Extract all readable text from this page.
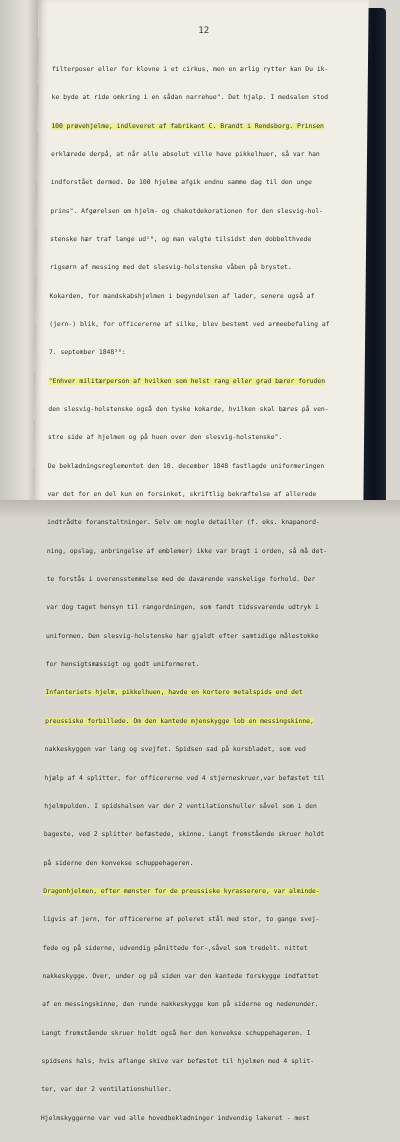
12

filterposer eller for klovne i et cirkus, men en ærlig rytter kan Du ik-

ke byde at ride omkring i en sådan narrehue". Det hjalp. I medsalen stod

100 prøvehjelme, indleveret af fabrikant C. Brandt i Rendsborg. Prinsen

erklærede derpå, at når alle absolut ville have pikkelhuer, så var han

indforstået dermed. De 100 hjelme afgik endnu samme dag til den unge

prins". Afgørelsen om hjelm- og chakotdekorationen for den slesvig-hol-

stenske hær traf lange ud¹⁹, og man valgte tilsidst den dobbelthvede

rigsørn af messing med det slesvig-holstenske våben på brystet.

Kokarden, for mandskabshjelmen i begyndelsen af lader, senere også af

(jern-) blik, for officererne af silke, blev bestemt ved armeebefaling af

7. september 1848²⁰:

"Enhver militærperson af hvilken som helst rang eller grad bærer foruden

den slesvig-holstenske også den tyske kokarde, hvilken skal bæres på ven-

stre side af hjelmen og på huen over den slesvig-holstenske".

De beklædningsreglementet den 10. december 1848 fastlagde uniformeringen

var det for en del kun en forsinket, skriftlig bekræftelse af allerede

indtrådte foranstaltninger. Selv om nogle detailler (f. eks. knapanord-

ning, opslag, anbringelse af emblemer) ikke var bragt i orden, så må det-

te forstås i overensstemmelse med de daværende vanskelige forhold. Der

var dog taget hensyn til rangordningen, som fandt tidssvarende udtryk i

uniformen. Den slesvig-holstenske hær gjaldt efter samtidige målestokke

for hensigtsmæssigt og godt uniformeret.

Infanteriets hjelm, pikkelhuen, havde en kortere metalspids end det

preussiske forbillede. Om den kantede mjenskygge lob en messingskinne,

nakkeskyggen var lang og svejfet. Spidsen sad på korsbladet, som ved

hjælp af 4 splitter, for officererne ved 4 stjerneskruer,var befæstet til

hjelmpulden. I spidshalsen var der 2 ventilationshuller såvel som i den

bageste, ved 2 splitter befæstede, skinne. Langt fremstående skruer holdt

på siderne den konvekse schuppehageren.

Dragonhjelmen, efter mønster for de preussiske kyrasserere, var alminde-

ligvis af jern, for officererne af poleret stål med stor, to gange svej-

fede og på siderne, udvendig pånittede for-,såvel som tredelt. nittet

nakkeskygge. Over, under og på siden var den kantede forskygge indfattet

af en messingskinne, den runde nakkeskygge kun på siderne og nedenunder.

Langt fremstående skruer holdt også her den konvekse schuppehageren. I

spidsens hals, hvis aflange skive var befæstet til hjelmen med 4 split-

ter, var der 2 ventilationshuller.

Hjelmskyggerne var ved alle hovedbeklædninger indvendig lakeret - mest
